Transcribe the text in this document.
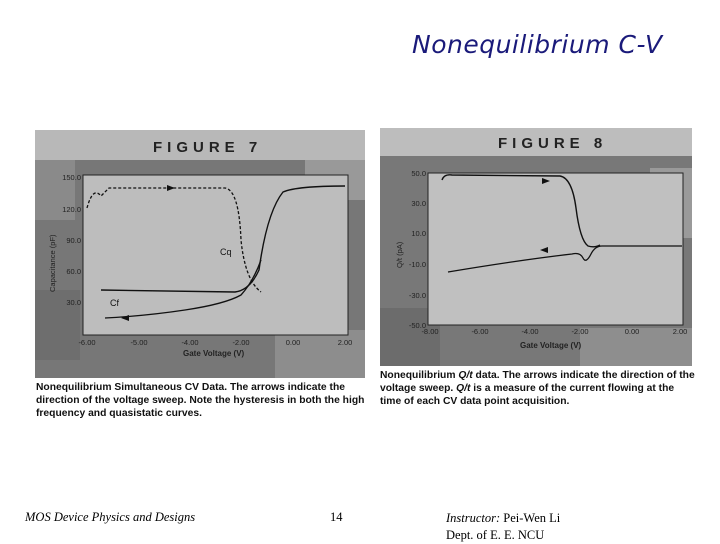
Nonequilibrium C-V
FIGURE 7
150.0
120.0
90.0
60.0
30.0
Capacitance (pF)
-6.00	-5.00	-4.00	-2.00	0.00	2.00
Gate Voltage (V)
Cq
Cf
Nonequilibrium Simultaneous CV Data. The arrows indicate the direction of the voltage sweep. Note the hysteresis in both the high frequency and quasistatic curves.
FIGURE 8
50.0
30.0
10.0
-10.0
-30.0
-50.0
Q/t (pA)
-8.00	-6.00	-4.00	-2.00	0.00	2.00
Gate Voltage (V)
Nonequilibrium Q/t data. The arrows indicate the direction of the voltage sweep. Q/t is a measure of the current flowing at the time of each CV data point acquisition.
MOS Device Physics and Designs	14	Instructor: Pei-Wen Li
Dept. of E. E. NCU
